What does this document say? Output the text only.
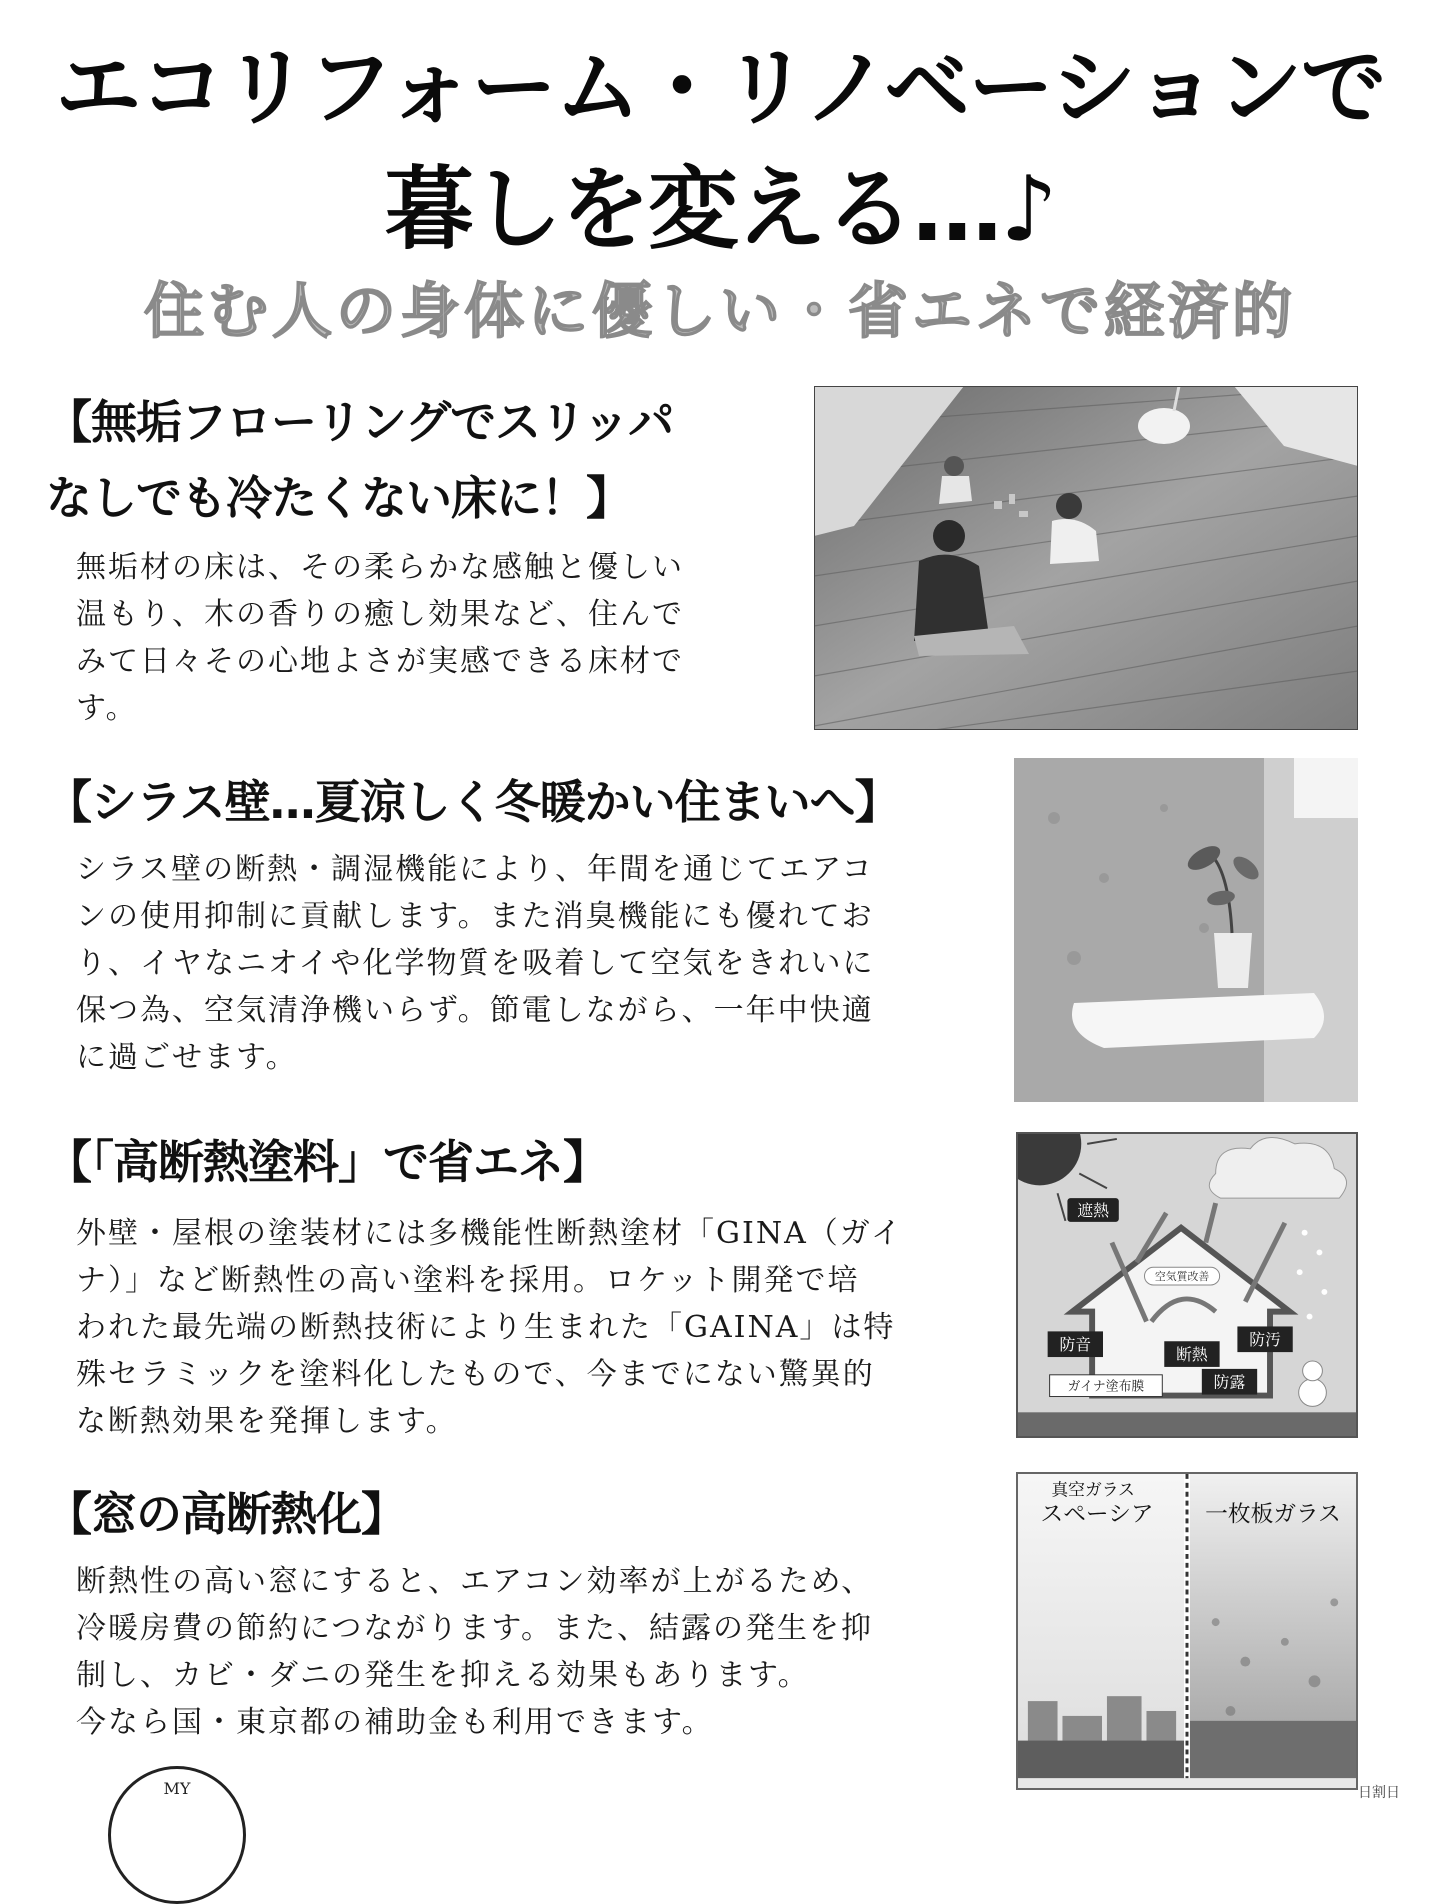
エコリフォーム・リノベーションで
暮しを変える…♪
住む人の身体に優しい・省エネで経済的
【無垢フローリングでスリッパ
なしでも冷たくない床に！】
無垢材の床は、その柔らかな感触と優しい
温もり、木の香りの癒し効果など、住んで
みて日々その心地よさが実感できる床材で
す。
【シラス壁…夏涼しく冬暖かい住まいへ】
シラス壁の断熱・調湿機能により、年間を通じてエアコ
ンの使用抑制に貢献します。また消臭機能にも優れてお
り、イヤなニオイや化学物質を吸着して空気をきれいに
保つ為、空気清浄機いらず。節電しながら、一年中快適
に過ごせます。
【「高断熱塗料」で省エネ】
外壁・屋根の塗装材には多機能性断熱塗材「GINA（ガイ
ナ）」など断熱性の高い塗料を採用。ロケット開発で培
われた最先端の断熱技術により生まれた「GAINA」は特
殊セラミックを塗料化したもので、今までにない驚異的
な断熱効果を発揮します。
遮熱
空気質改善
防音
断熱
防汚
ガイナ塗布膜	防露
【窓の高断熱化】
断熱性の高い窓にすると、エアコン効率が上がるため、
冷暖房費の節約につながります。また、結露の発生を抑
制し、カビ・ダニの発生を抑える効果もあります。
今なら国・東京都の補助金も利用できます。
真空ガラス
スペーシア 一枚板ガラス
MY	日割日
